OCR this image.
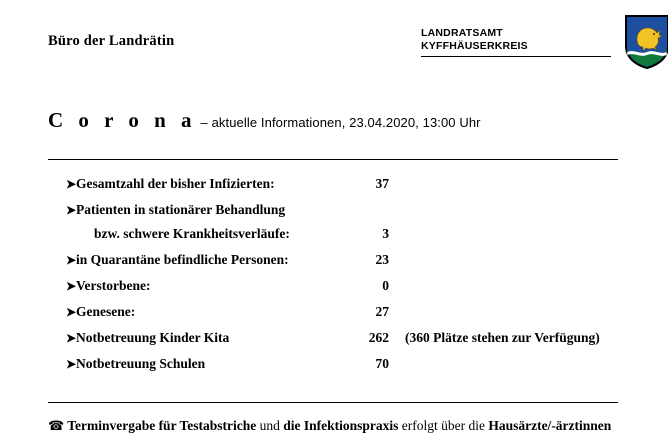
Büro der Landrätin	LANDRATSAMT
KYFFHÄUSERKREIS
C o r o n a – aktuelle Informationen, 23.04.2020, 13:00 Uhr
➤ Gesamtzahl der bisher Infizierten:	37
➤ Patienten in stationärer Behandlung
bzw. schwere Krankheitsverläufe:	3
➤ in Quarantäne befindliche Personen:	23
➤ Verstorbene:	0
➤ Genesene:	27
➤ Notbetreuung Kinder Kita	262	(360 Plätze stehen zur Verfügung)
➤ Notbetreuung Schulen	70
☎ Terminvergabe für Testabstriche und die Infektionspraxis erfolgt über die Hausärzte/-ärztinnen
